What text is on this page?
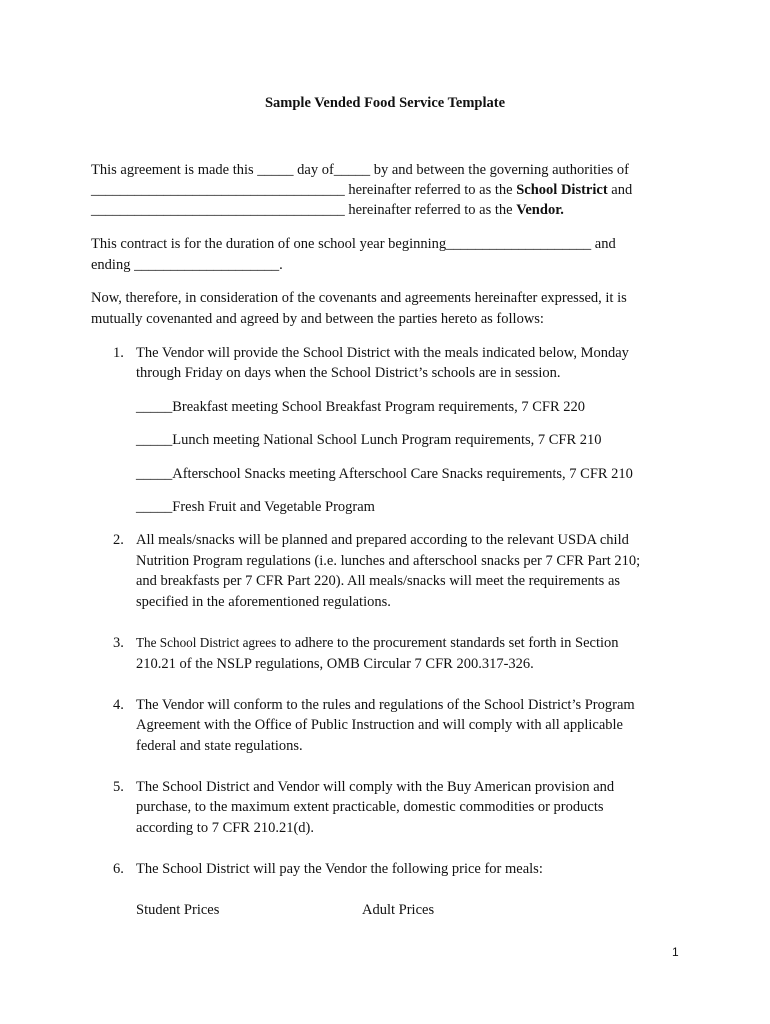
Sample Vended Food Service Template
This agreement is made this _____ day of_____ by and between the governing authorities of
___________________________________ hereinafter referred to as the School District and
___________________________________ hereinafter referred to as the Vendor.
This contract is for the duration of one school year beginning____________________ and
ending ____________________.
Now, therefore, in consideration of the covenants and agreements hereinafter expressed, it is
mutually covenanted and agreed by and between the parties hereto as follows:
1. The Vendor will provide the School District with the meals indicated below, Monday
through Friday on days when the School District’s schools are in session.
_____Breakfast meeting School Breakfast Program requirements, 7 CFR 220
_____Lunch meeting National School Lunch Program requirements, 7 CFR 210
_____Afterschool Snacks meeting Afterschool Care Snacks requirements, 7 CFR 210
_____Fresh Fruit and Vegetable Program
2. All meals/snacks will be planned and prepared according to the relevant USDA child
Nutrition Program regulations (i.e. lunches and afterschool snacks per 7 CFR Part 210;
and breakfasts per 7 CFR Part 220). All meals/snacks will meet the requirements as
specified in the aforementioned regulations.
3. The School District agrees to adhere to the procurement standards set forth in Section
210.21 of the NSLP regulations, OMB Circular 7 CFR 200.317-326.
4. The Vendor will conform to the rules and regulations of the School District’s Program
Agreement with the Office of Public Instruction and will comply with all applicable
federal and state regulations.
5. The School District and Vendor will comply with the Buy American provision and
purchase, to the maximum extent practicable, domestic commodities or products
according to 7 CFR 210.21(d).
6. The School District will pay the Vendor the following price for meals:
Student Prices	Adult Prices
1
